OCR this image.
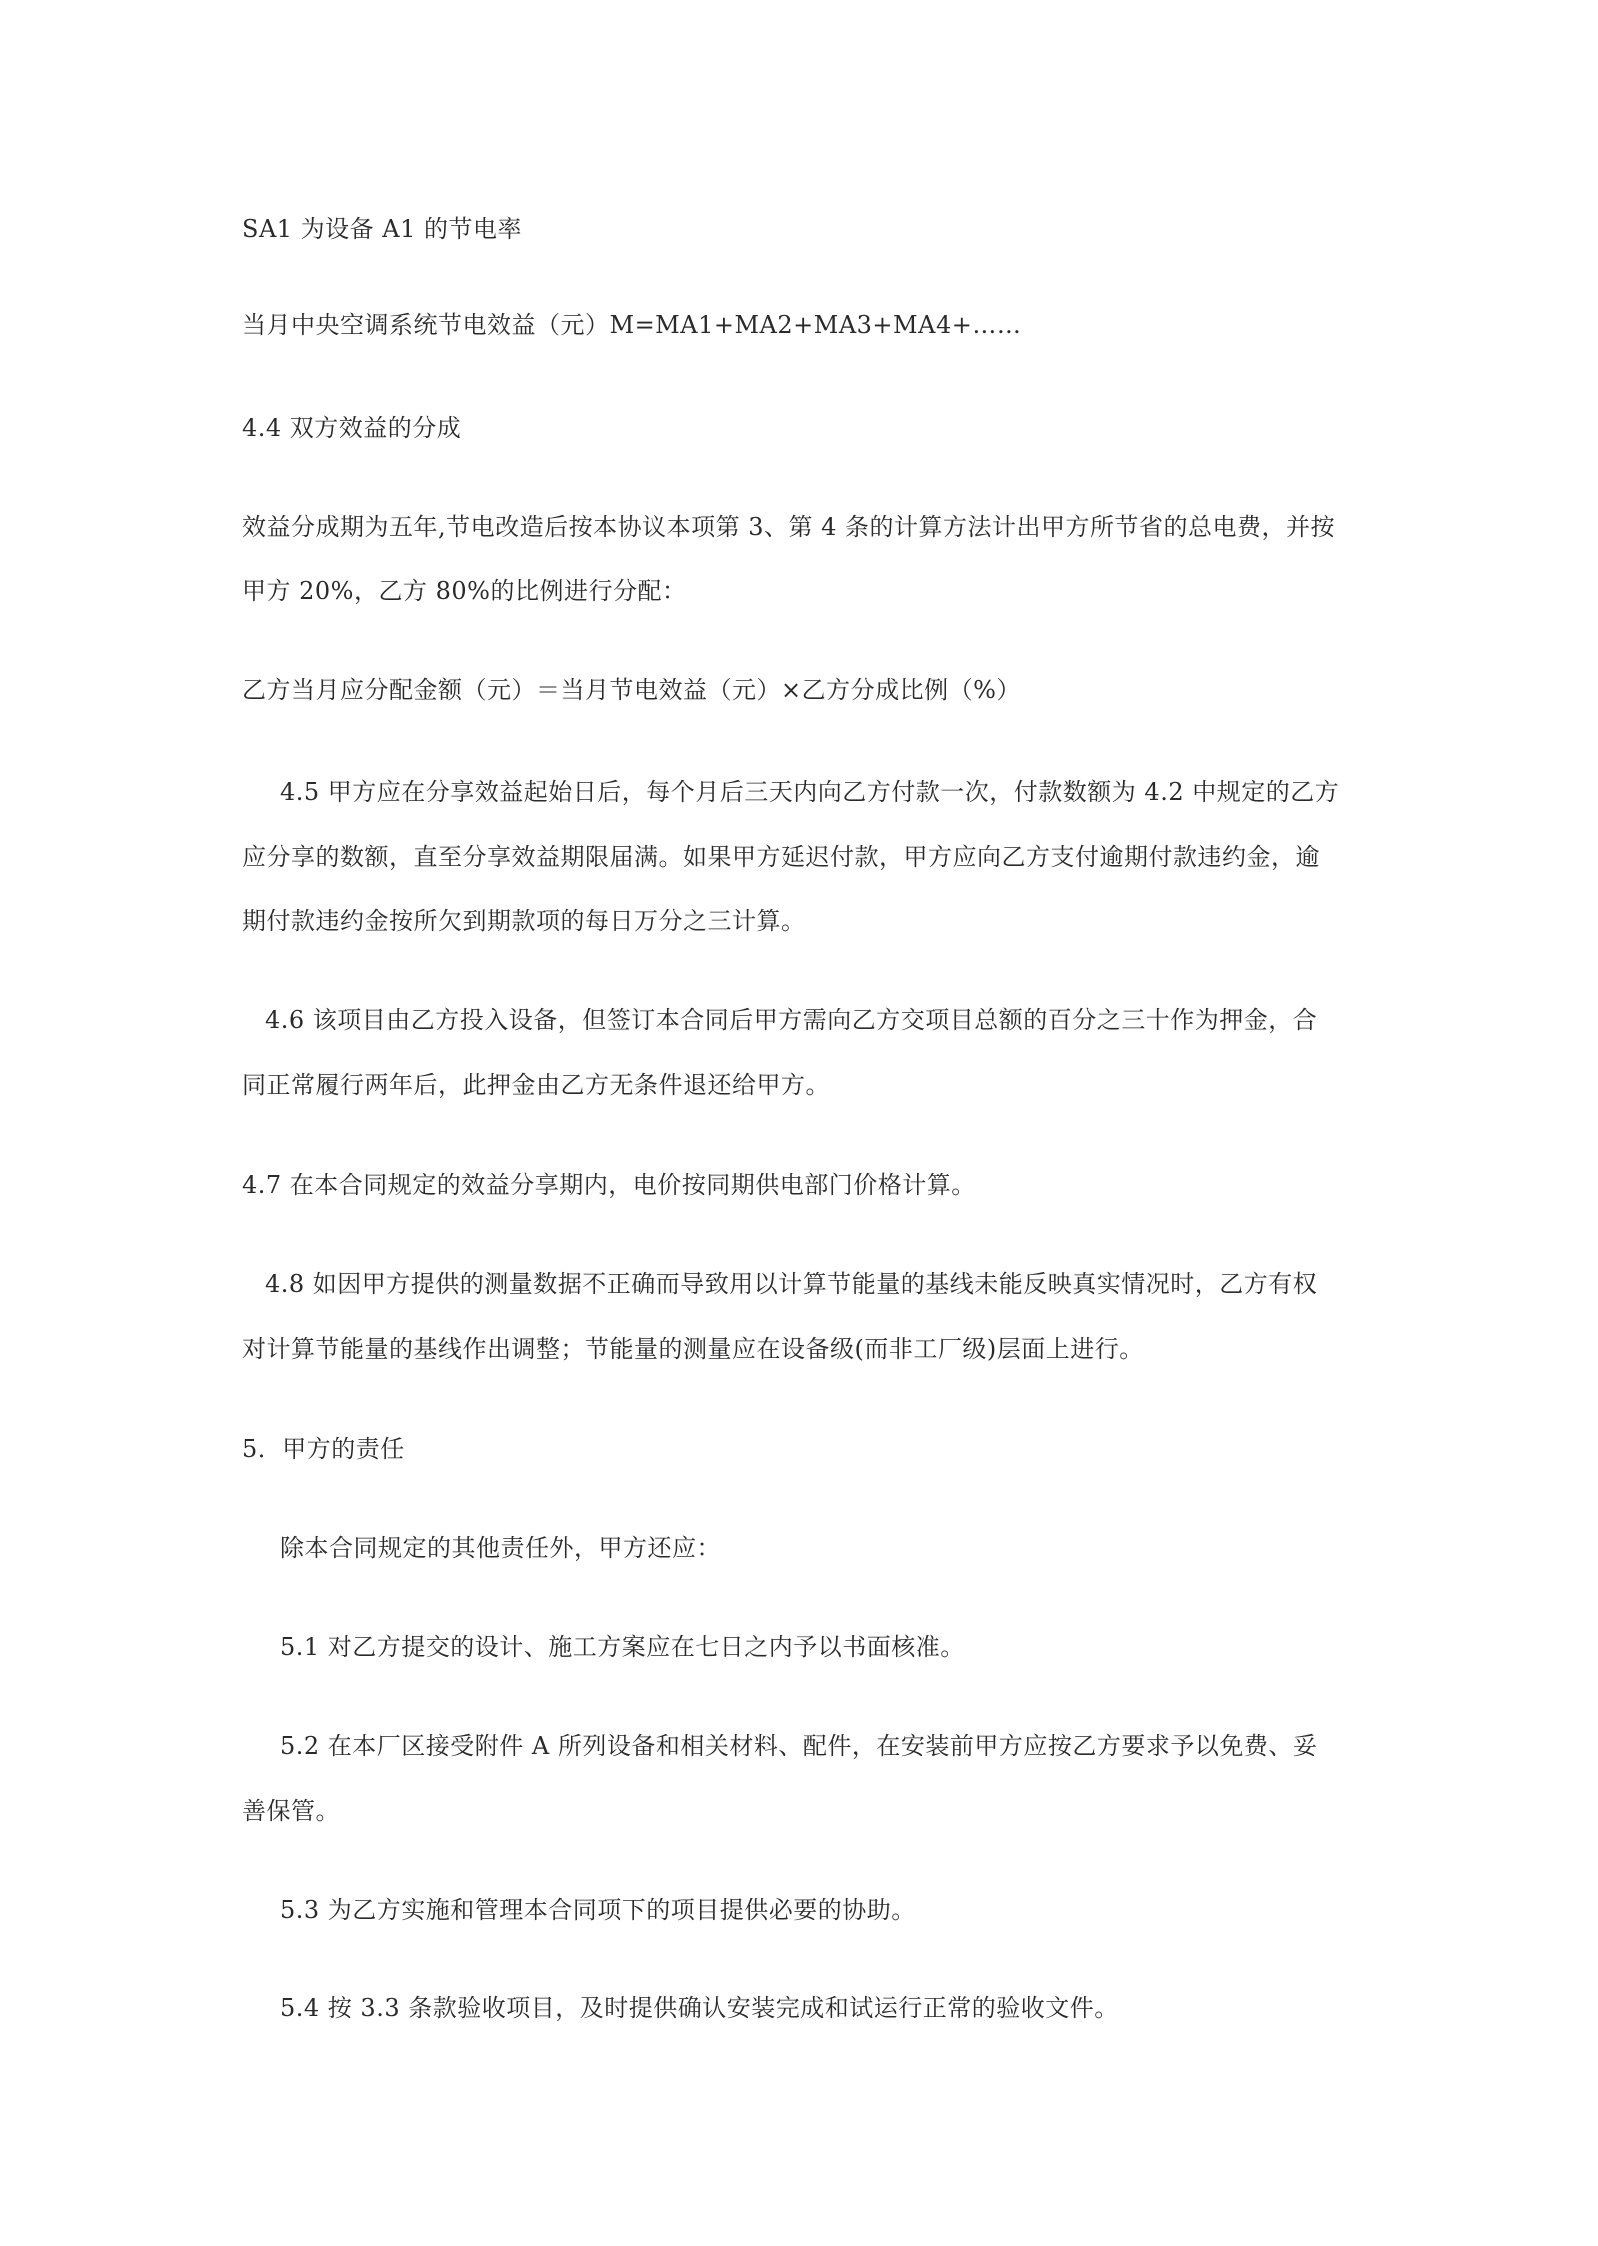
SA1 为设备 A1 的节电率
当月中央空调系统节电效益（元）M=MA1+MA2+MA3+MA4+……
4.4 双方效益的分成
效益分成期为五年,节电改造后按本协议本项第 3、第 4 条的计算方法计出甲方所节省的总电费，并按
甲方 20%，乙方 80%的比例进行分配：
乙方当月应分配金额（元）＝当月节电效益（元）×乙方分成比例（%）
4.5 甲方应在分享效益起始日后，每个月后三天内向乙方付款一次，付款数额为 4.2 中规定的乙方
应分享的数额，直至分享效益期限届满。如果甲方延迟付款，甲方应向乙方支付逾期付款违约金，逾
期付款违约金按所欠到期款项的每日万分之三计算。
4.6 该项目由乙方投入设备，但签订本合同后甲方需向乙方交项目总额的百分之三十作为押金，合
同正常履行两年后，此押金由乙方无条件退还给甲方。
4.7 在本合同规定的效益分享期内，电价按同期供电部门价格计算。
4.8 如因甲方提供的测量数据不正确而导致用以计算节能量的基线未能反映真实情况时，乙方有权
对计算节能量的基线作出调整；节能量的测量应在设备级(而非工厂级)层面上进行。
5．甲方的责任
除本合同规定的其他责任外，甲方还应：
5.1 对乙方提交的设计、施工方案应在七日之内予以书面核准。
5.2 在本厂区接受附件 A 所列设备和相关材料、配件，在安装前甲方应按乙方要求予以免费、妥
善保管。
5.3 为乙方实施和管理本合同项下的项目提供必要的协助。
5.4 按 3.3 条款验收项目，及时提供确认安装完成和试运行正常的验收文件。
